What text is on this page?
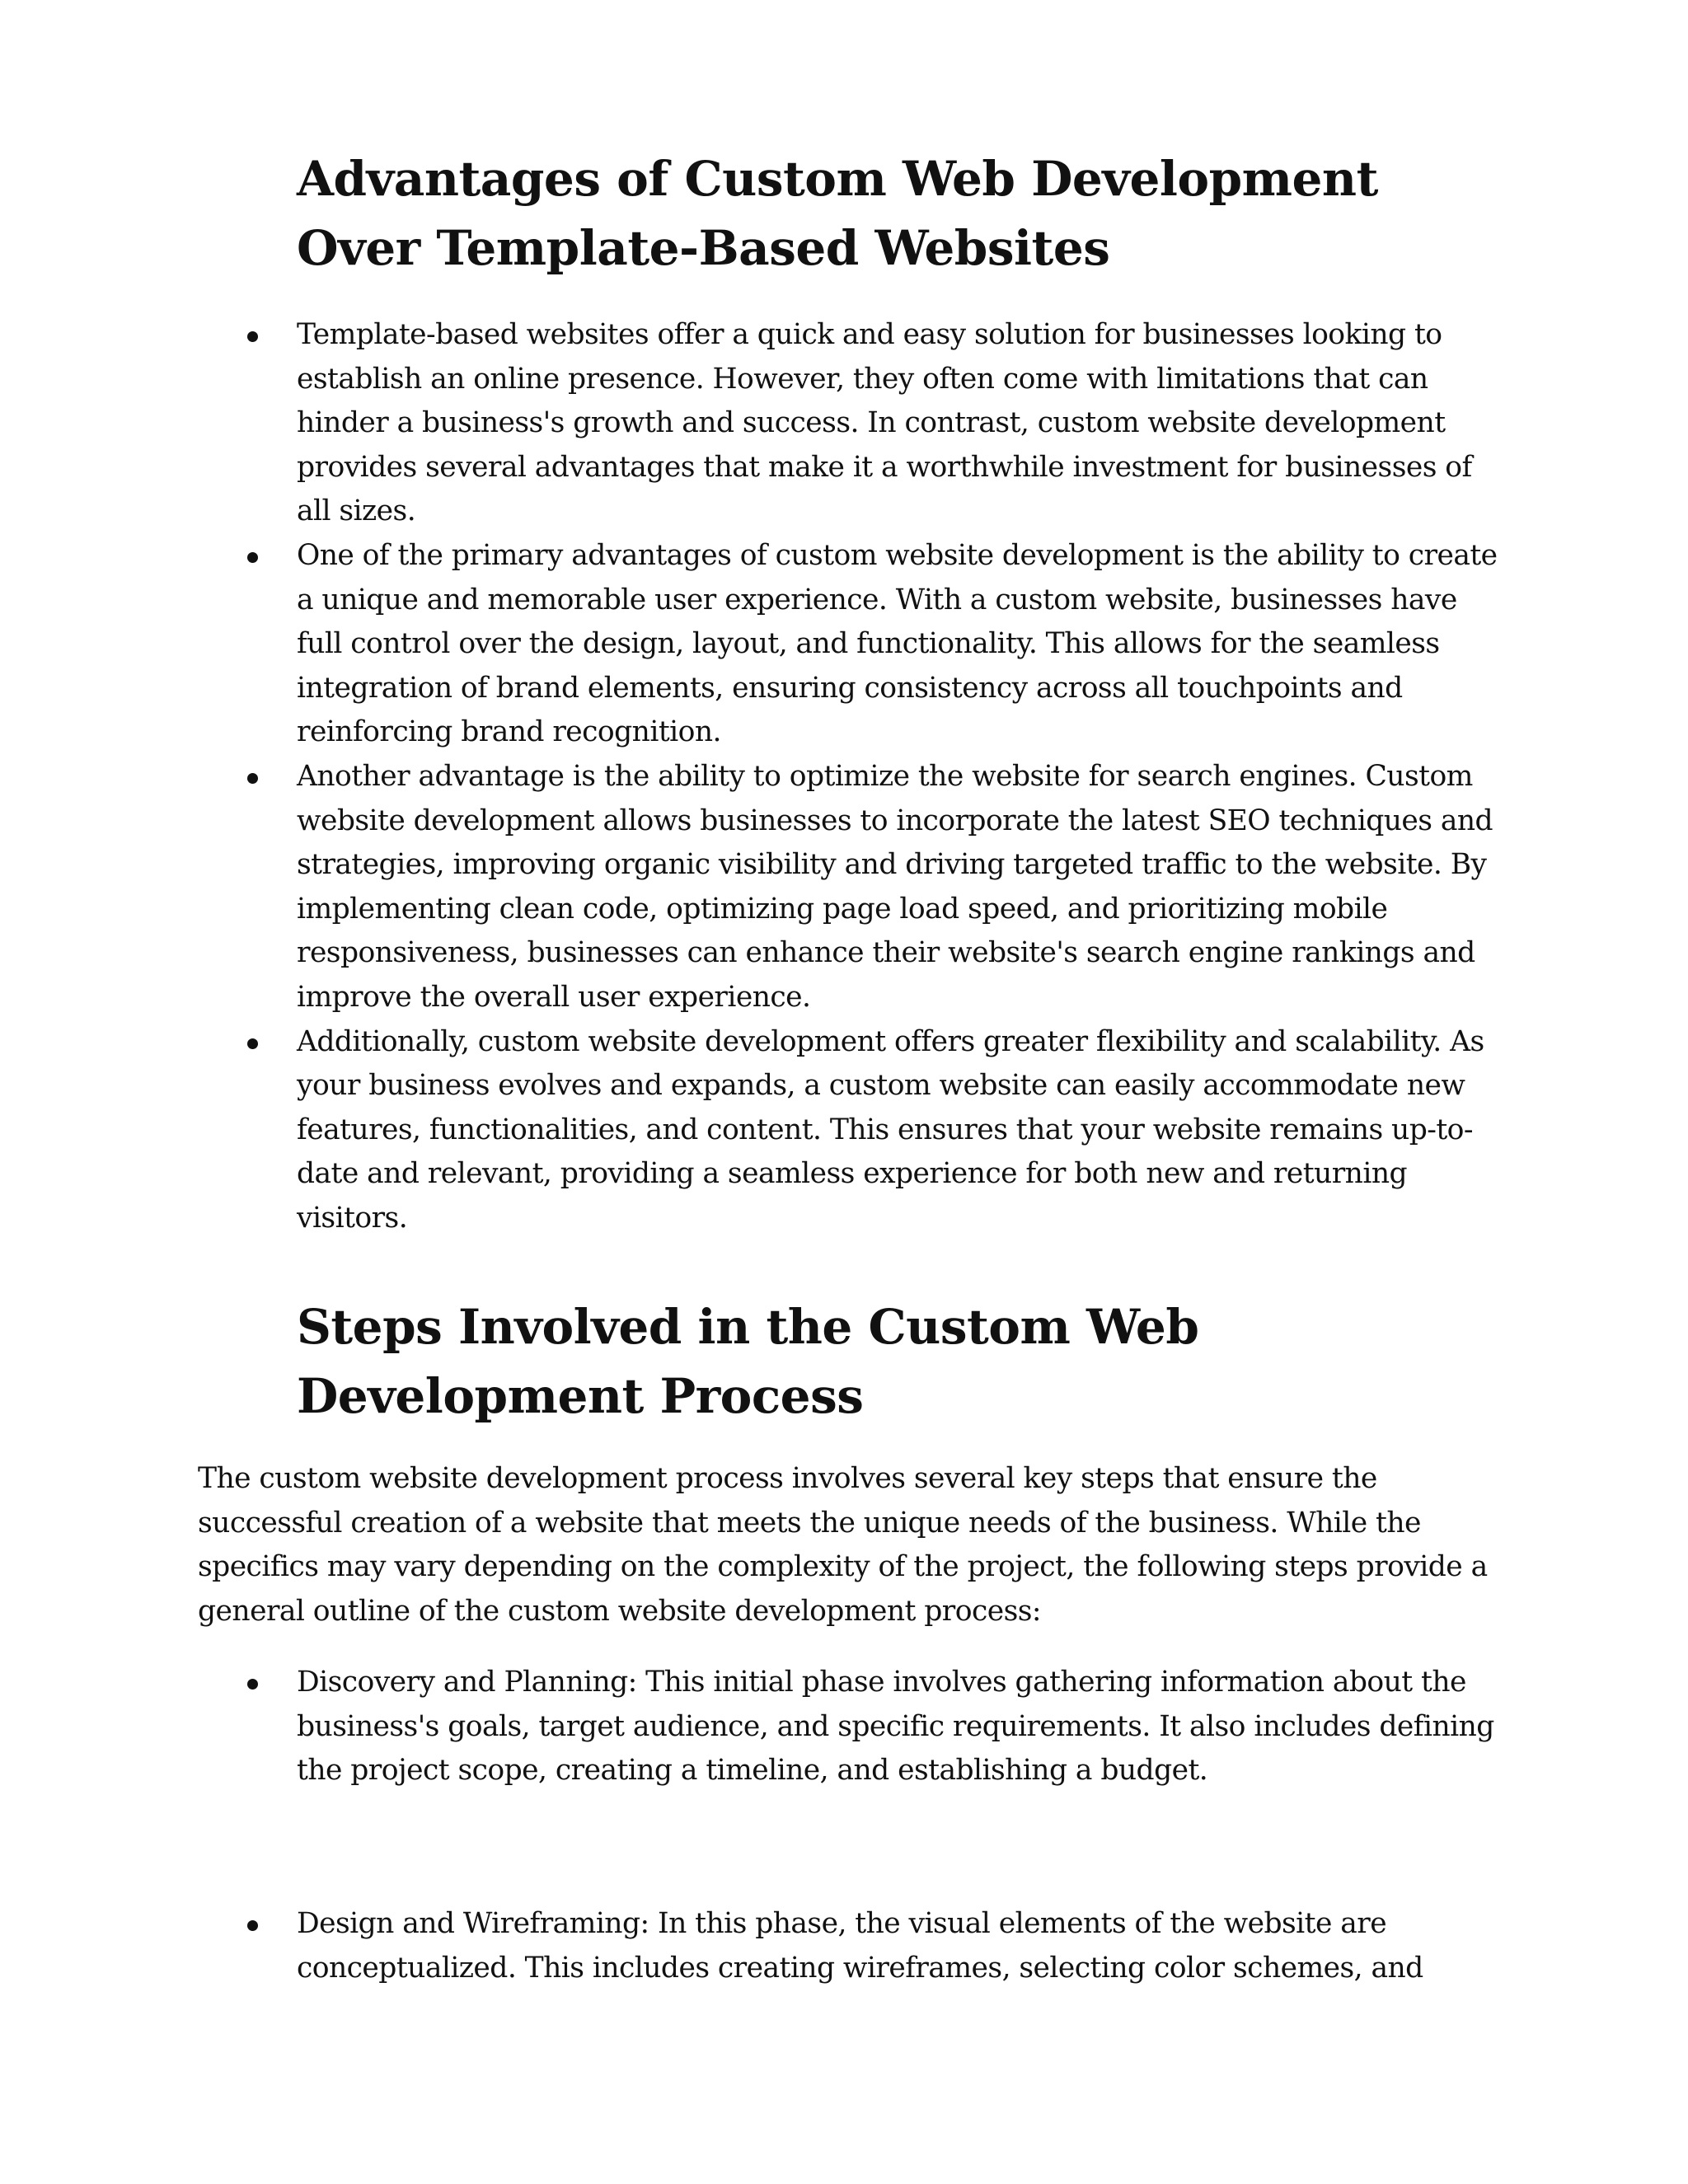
Advantages of Custom Web Development Over Template-Based Websites
Template-based websites offer a quick and easy solution for businesses looking to establish an online presence. However, they often come with limitations that can hinder a business's growth and success. In contrast, custom website development provides several advantages that make it a worthwhile investment for businesses of all sizes.
One of the primary advantages of custom website development is the ability to create a unique and memorable user experience. With a custom website, businesses have full control over the design, layout, and functionality. This allows for the seamless integration of brand elements, ensuring consistency across all touchpoints and reinforcing brand recognition.
Another advantage is the ability to optimize the website for search engines. Custom website development allows businesses to incorporate the latest SEO techniques and strategies, improving organic visibility and driving targeted traffic to the website. By implementing clean code, optimizing page load speed, and prioritizing mobile responsiveness, businesses can enhance their website's search engine rankings and improve the overall user experience.
Additionally, custom website development offers greater flexibility and scalability. As your business evolves and expands, a custom website can easily accommodate new features, functionalities, and content. This ensures that your website remains up-to-date and relevant, providing a seamless experience for both new and returning visitors.
Steps Involved in the Custom Web Development Process

The custom website development process involves several key steps that ensure the successful creation of a website that meets the unique needs of the business. While the specifics may vary depending on the complexity of the project, the following steps provide a general outline of the custom website development process:

Discovery and Planning: This initial phase involves gathering information about the business's goals, target audience, and specific requirements. It also includes defining the project scope, creating a timeline, and establishing a budget.
Design and Wireframing: In this phase, the visual elements of the website are conceptualized. This includes creating wireframes, selecting color schemes, and
